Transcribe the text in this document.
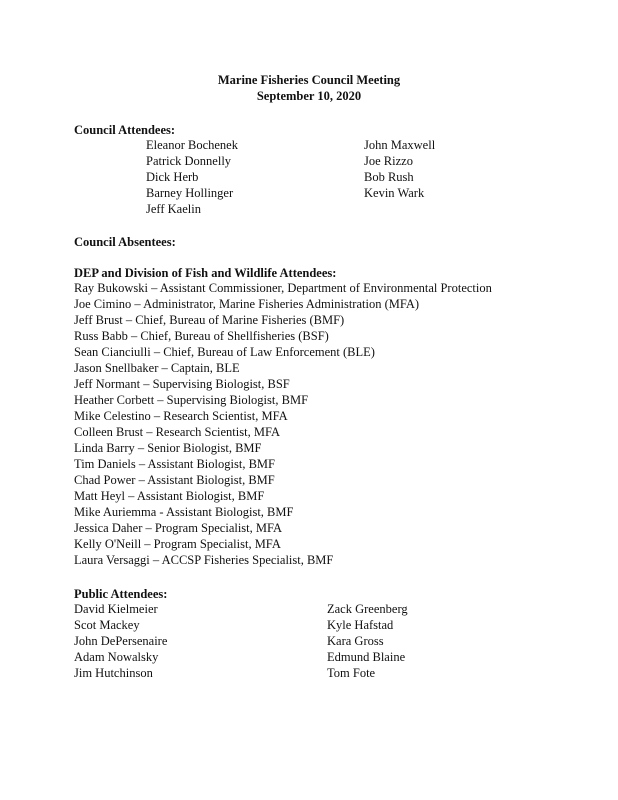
Marine Fisheries Council Meeting
September 10, 2020
Council Attendees:
Eleanor Bochenek
Patrick Donnelly
Dick Herb
Barney Hollinger
Jeff Kaelin
John Maxwell
Joe Rizzo
Bob Rush
Kevin Wark
Council Absentees:
DEP and Division of Fish and Wildlife Attendees:
Ray Bukowski – Assistant Commissioner, Department of Environmental Protection
Joe Cimino – Administrator, Marine Fisheries Administration (MFA)
Jeff Brust – Chief, Bureau of Marine Fisheries (BMF)
Russ Babb – Chief, Bureau of Shellfisheries (BSF)
Sean Cianciulli – Chief, Bureau of Law Enforcement (BLE)
Jason Snellbaker – Captain, BLE
Jeff Normant – Supervising Biologist, BSF
Heather Corbett – Supervising Biologist, BMF
Mike Celestino – Research Scientist, MFA
Colleen Brust – Research Scientist, MFA
Linda Barry – Senior Biologist, BMF
Tim Daniels – Assistant Biologist, BMF
Chad Power – Assistant Biologist, BMF
Matt Heyl – Assistant Biologist, BMF
Mike Auriemma - Assistant Biologist, BMF
Jessica Daher – Program Specialist, MFA
Kelly O'Neill – Program Specialist, MFA
Laura Versaggi – ACCSP Fisheries Specialist, BMF
Public Attendees:
David Kielmeier
Scot Mackey
John DePersenaire
Adam Nowalsky
Jim Hutchinson
Zack Greenberg
Kyle Hafstad
Kara Gross
Edmund Blaine
Tom Fote
